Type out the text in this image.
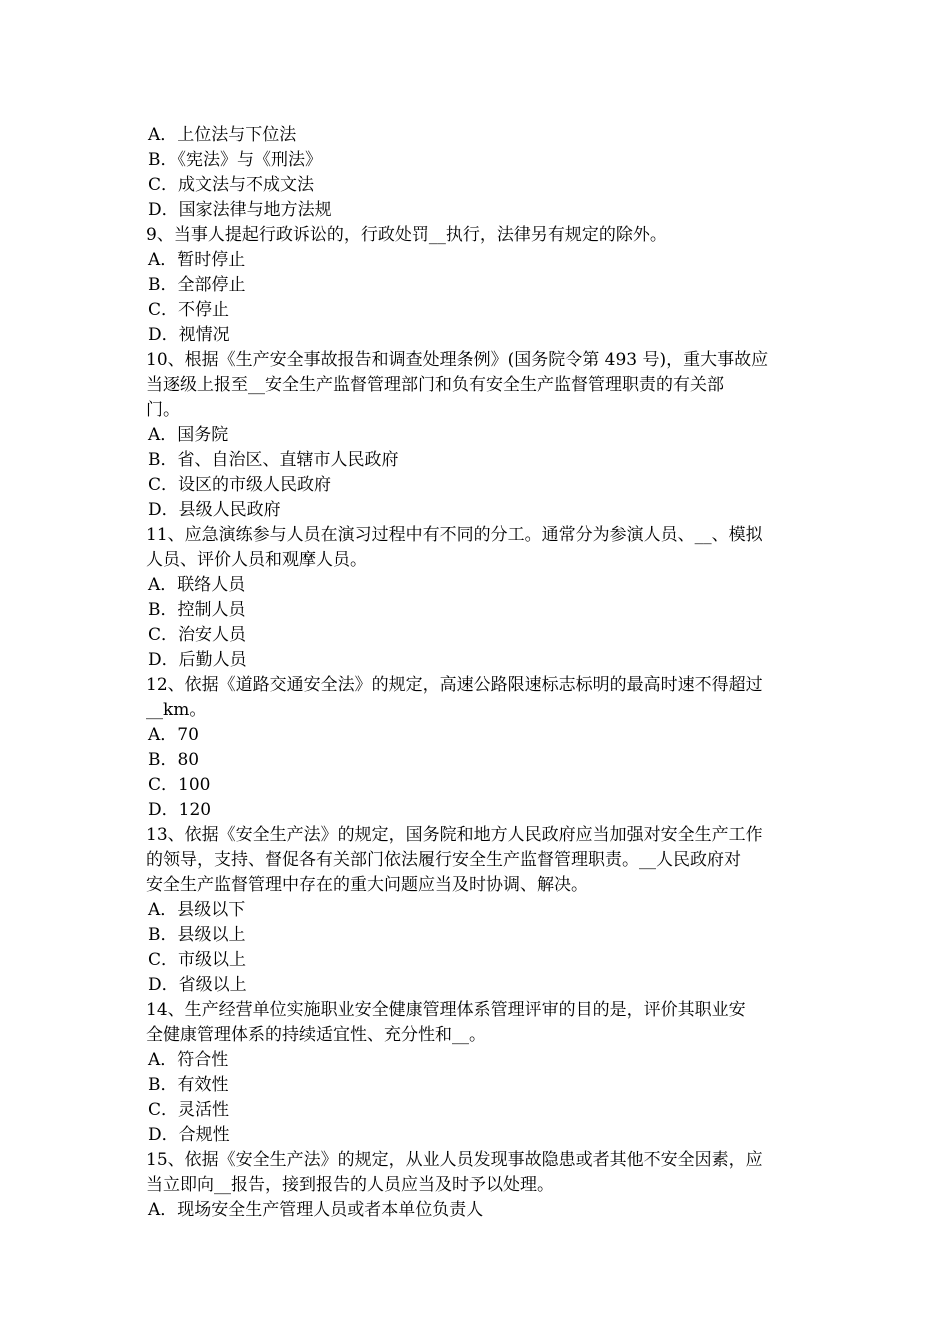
A．上位法与下位法
B．《宪法》与《刑法》
C．成文法与不成文法
D．国家法律与地方法规
9、当事人提起行政诉讼的，行政处罚__执行，法律另有规定的除外。
A．暂时停止
B．全部停止
C．不停止
D．视情况
10、根据《生产安全事故报告和调查处理条例》(国务院令第 493 号)，重大事故应
当逐级上报至__安全生产监督管理部门和负有安全生产监督管理职责的有关部
门。
A．国务院
B．省、自治区、直辖市人民政府
C．设区的市级人民政府
D．县级人民政府
11、应急演练参与人员在演习过程中有不同的分工。通常分为参演人员、__、模拟
人员、评价人员和观摩人员。
A．联络人员
B．控制人员
C．治安人员
D．后勤人员
12、依据《道路交通安全法》的规定，高速公路限速标志标明的最高时速不得超过
__km。
A．70
B．80
C．100
D．120
13、依据《安全生产法》的规定，国务院和地方人民政府应当加强对安全生产工作
的领导，支持、督促各有关部门依法履行安全生产监督管理职责。__人民政府对
安全生产监督管理中存在的重大问题应当及时协调、解决。
A．县级以下
B．县级以上
C．市级以上
D．省级以上
14、生产经营单位实施职业安全健康管理体系管理评审的目的是，评价其职业安
全健康管理体系的持续适宜性、充分性和__。
A．符合性
B．有效性
C．灵活性
D．合规性
15、依据《安全生产法》的规定，从业人员发现事故隐患或者其他不安全因素，应
当立即向__报告，接到报告的人员应当及时予以处理。
A．现场安全生产管理人员或者本单位负责人
